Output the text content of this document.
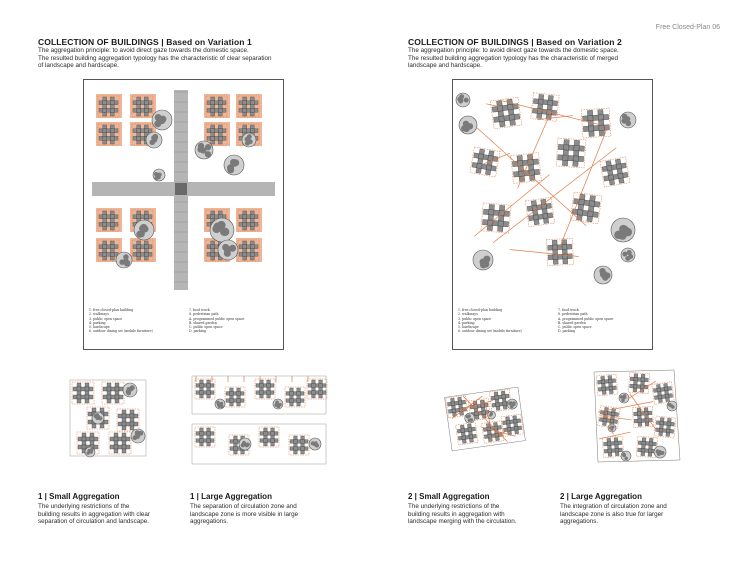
Free Closed-Plan 06
COLLECTION OF BUILDINGS | Based on Variation 1
The aggregation principle: to avoid direct gaze towards the domestic space.
The resulted building aggregation typology has the characteristic of clear separation
of landscape and hardscape.
1. free closed-plan building
2. walkways
3. public open space
4. parking
5. hardscape
6. outdoor dining set (mobile furniture)
7. food truck
8. pedestrian path
A. programmed public open space
B. shared garden
C. public open space
D. parking
1 | Small Aggregation
The underlying restrictions of the
building results in aggregation with clear
separation of circulation and landscape.
1 | Large Aggregation
The separation of circulation zone and
landscape zone is more visible in large
aggregations.
COLLECTION OF BUILDINGS | Based on Variation 2
The aggregation principle: to avoid direct gaze towards the domestic space.
The resulted building aggregation typology has the characteristic of merged
landscape and hardscape.
1. free closed-plan building
2. walkways
3. public open space
4. parking
5. hardscape
6. outdoor dining set (mobile furniture)
7. food truck
8. pedestrian path
A. programmed public open space
B. shared garden
C. public open space
D. parking
2 | Small Aggregation
The underlying restrictions of the
building results in aggregation with
landscape merging with the circulation.
2 | Large Aggregation
The integration of circulation zone and
landscape zone is also true for larger
aggregations.
